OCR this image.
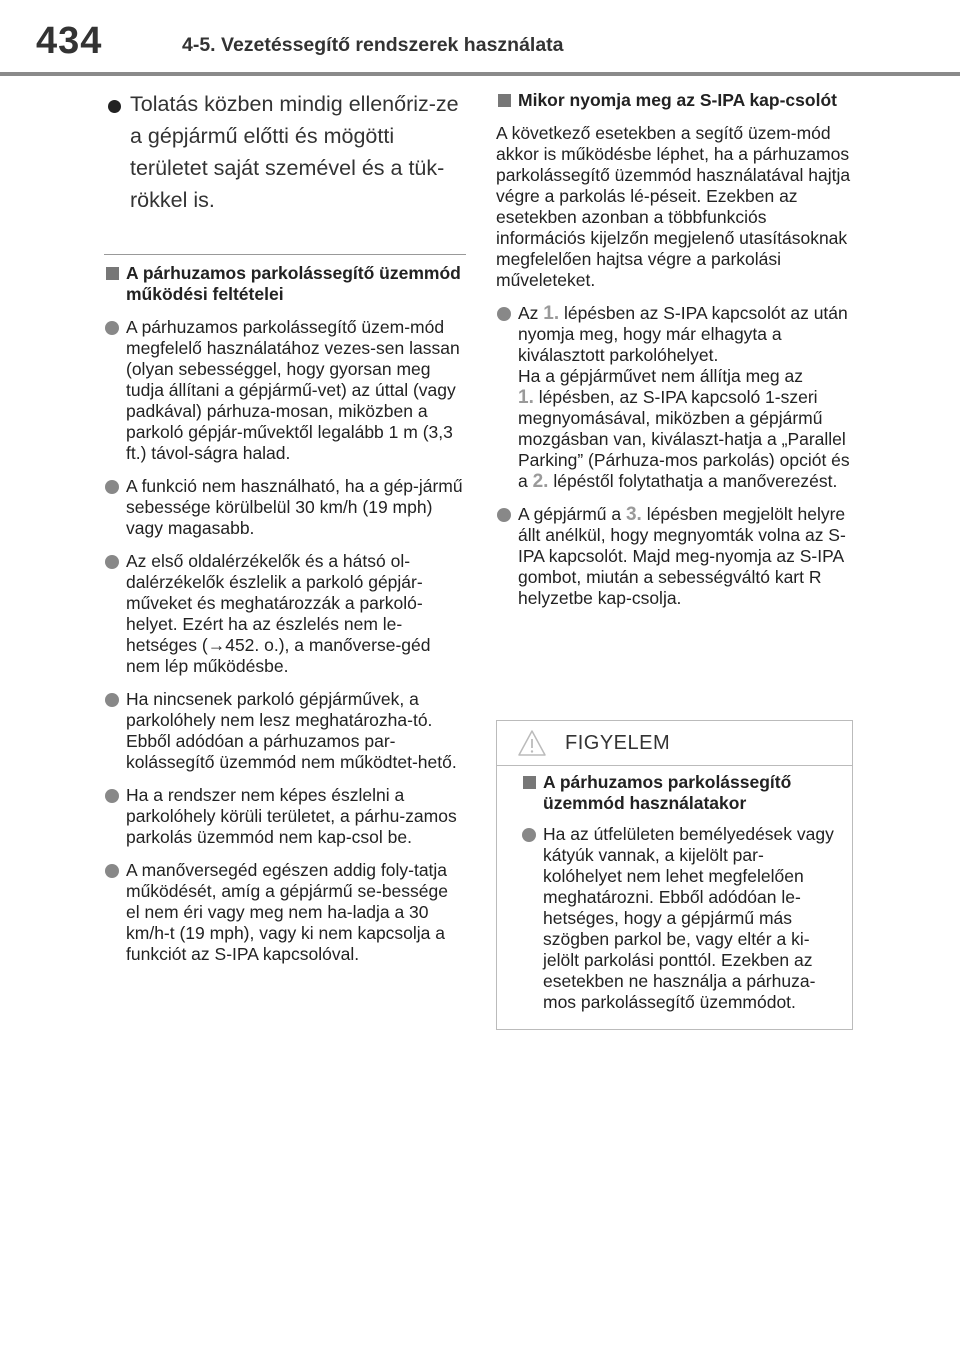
434	4-5. Vezetéssegítő rendszerek használata
Tolatás közben mindig ellenőriz-ze a gépjármű előtti és mögötti területet saját szemével és a tük-rökkel is.
A párhuzamos parkolássegítő üzemmód működési feltételei
A párhuzamos parkolássegítő üzem-mód megfelelő használatához vezes-sen lassan (olyan sebességgel, hogy gyorsan meg tudja állítani a gépjármű-vet) az úttal (vagy padkával) párhuza-mosan, miközben a parkoló gépjár-művektől legalább 1 m (3,3 ft.) távol-ságra halad.
A funkció nem használható, ha a gép-jármű sebessége körülbelül 30 km/h (19 mph) vagy magasabb.
Az első oldalérzékelők és a hátsó ol-dalérzékelők észlelik a parkoló gépjár-műveket és meghatározzák a parkoló-helyet. Ezért ha az észlelés nem le-hetséges (→452. o.), a manőverse-géd nem lép működésbe.
Ha nincsenek parkoló gépjárművek, a parkolóhely nem lesz meghatározha-tó. Ebből adódóan a párhuzamos par-kolássegítő üzemmód nem működtet-hető.
Ha a rendszer nem képes észlelni a parkolóhely körüli területet, a párhu-zamos parkolás üzemmód nem kap-csol be.
A manőversegéd egészen addig foly-tatja működését, amíg a gépjármű se-bessége el nem éri vagy meg nem ha-ladja a 30 km/h-t (19 mph), vagy ki nem kapcsolja a funkciót az S-IPA kapcsolóval.
Mikor nyomja meg az S-IPA kap-csolót
A következő esetekben a segítő üzem-mód akkor is működésbe léphet, ha a párhuzamos parkolássegítő üzemmód használatával hajtja végre a parkolás lé-péseit. Ezekben az esetekben azonban a többfunkciós információs kijelzőn megjelenő utasításoknak megfelelően hajtsa végre a parkolási műveleteket.
Az 1. lépésben az S-IPA kapcsolót az után nyomja meg, hogy már elhagyta a kiválasztott parkolóhelyet.
Ha a gépjárművet nem állítja meg az
1. lépésben, az S-IPA kapcsoló 1-szeri megnyomásával, miközben a gépjármű mozgásban van, kiválaszt-hatja a „Parallel Parking” (Párhuza-mos parkolás) opciót és a 2. lépéstől folytathatja a manőverezést.
A gépjármű a 3. lépésben megjelölt helyre állt anélkül, hogy megnyomták volna az S-IPA kapcsolót. Majd meg-nyomja az S-IPA gombot, miután a sebességváltó kart R helyzetbe kap-csolja.
FIGYELEM
A párhuzamos parkolássegítő üzemmód használatakor
Ha az útfelületen bemélyedések vagy kátyúk vannak, a kijelölt par-kolóhelyet nem lehet megfelelően meghatározni. Ebből adódóan le-hetséges, hogy a gépjármű más szögben parkol be, vagy eltér a ki-jelölt parkolási ponttól. Ezekben az esetekben ne használja a párhuza-mos parkolássegítő üzemmódot.
